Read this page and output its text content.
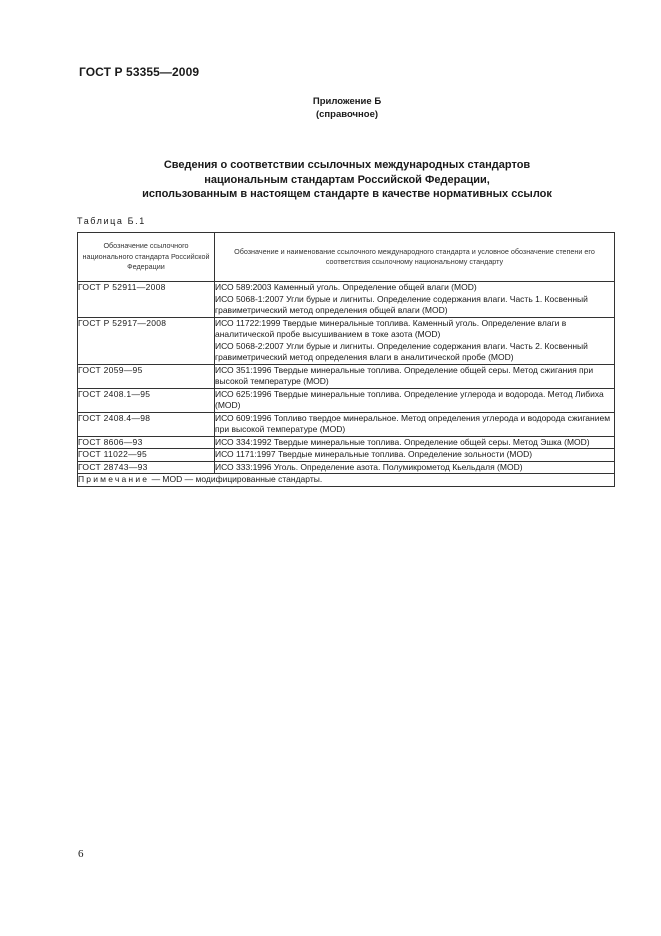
ГОСТ Р 53355—2009
Приложение Б
(справочное)
Сведения о соответствии ссылочных международных стандартов
национальным стандартам Российской Федерации,
использованным в настоящем стандарте в качестве нормативных ссылок
Таблица Б.1
Обозначение ссылочного национального стандарта Российской Федерации	Обозначение и наименование ссылочного международного стандарта и условное обозначение степени его соответствия ссылочному национальному стандарту
ГОСТ Р 52911—2008	ИСО 589:2003 Каменный уголь. Определение общей влаги (MOD)
ИСО 5068-1:2007 Угли бурые и лигниты. Определение содержания влаги. Часть 1. Косвенный гравиметрический метод определения общей влаги (MOD)

ГОСТ Р 52917—2008	ИСО 11722:1999 Твердые минеральные топлива. Каменный уголь. Определение влаги в аналитической пробе высушиванием в токе азота (MOD)
ИСО 5068-2:2007 Угли бурые и лигниты. Определение содержания влаги. Часть 2. Косвенный гравиметрический метод определения влаги в аналитической пробе (MOD)

ГОСТ 2059—95	ИСО 351:1996 Твердые минеральные топлива. Определение общей серы. Метод сжигания при высокой температуре (MOD)

ГОСТ 2408.1—95	ИСО 625:1996 Твердые минеральные топлива. Определение углерода и водорода. Метод Либиха (MOD)

ГОСТ 2408.4—98	ИСО 609:1996 Топливо твердое минеральное. Метод определения углерода и водорода сжиганием при высокой температуре (MOD)

ГОСТ 8606—93	ИСО 334:1992 Твердые минеральные топлива. Определение общей серы. Метод Эшка (MOD)

ГОСТ 11022—95	ИСО 1171:1997 Твердые минеральные топлива. Определение зольности (MOD)

ГОСТ 28743—93	ИСО 333:1996 Уголь. Определение азота. Полумикрометод Кьельдаля (MOD)

Примечание — MOD — модифицированные стандарты.	
6
